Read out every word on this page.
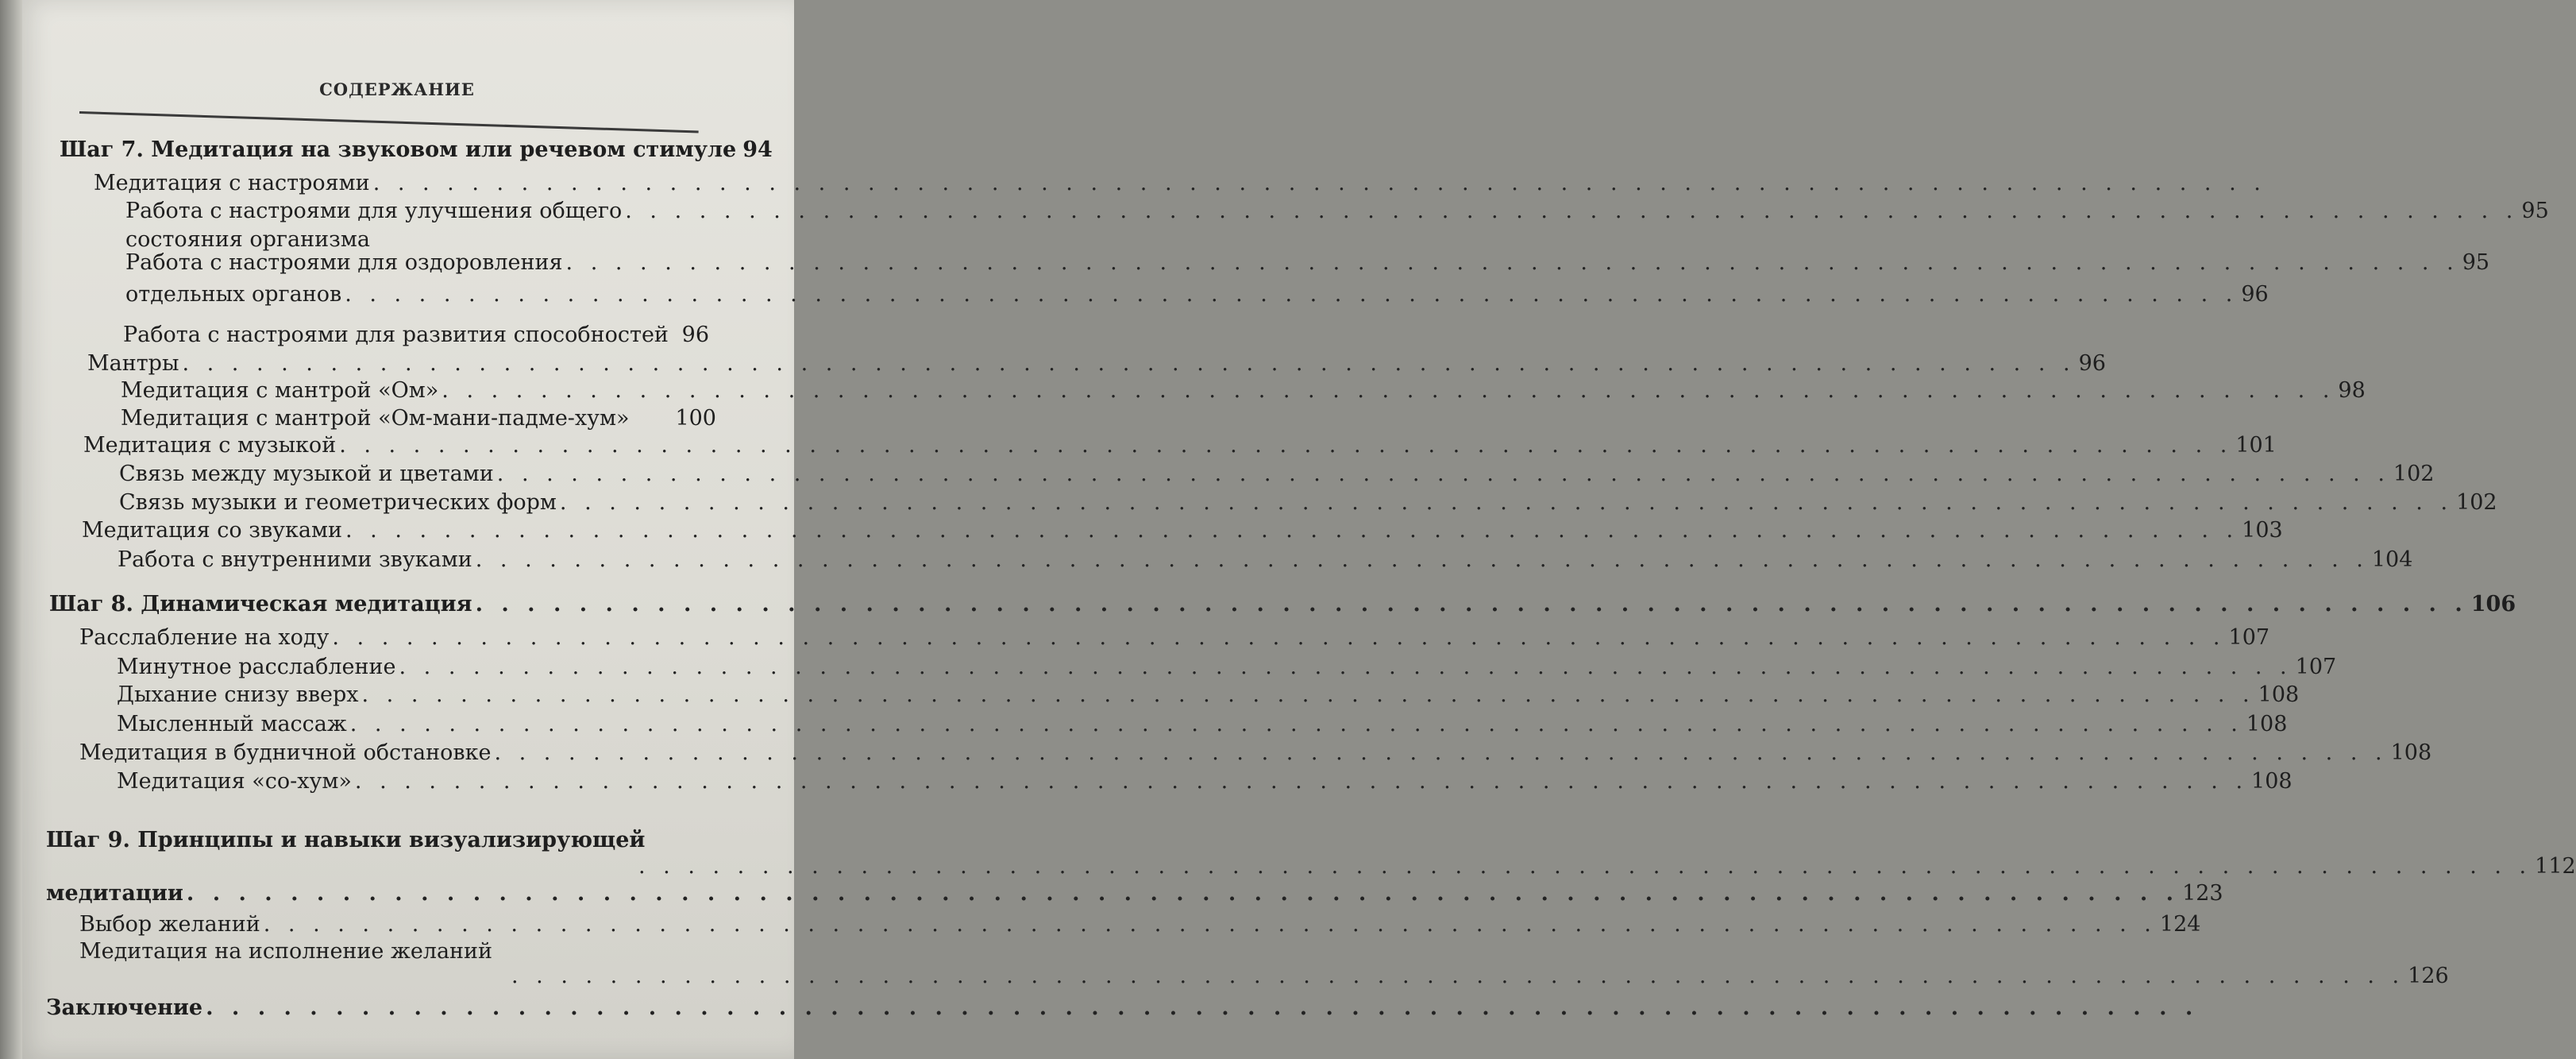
СОДЕРЖАНИЕ
Шаг 7. Медитация на звуковом или речевом стимуле 94
Медитация с настроями . . . . . . . . . . . . . . . . . . . . . . . . . . . . . . . . . . . . . . . . . . . . . . . . . . . . . . . . . . . . . . . . . . . . . . . . . . . . .
Работа с настроями для улучшения общего . . . . . . . . . . . . . . . . . . . . . . . . . . . . . . . . . . . . . . . . . . . . . . . . . . . . . . . . . . . . . . . . . . . . . . . . . . . . . 95
состояния организма
Работа с настроями для оздоровления . . . . . . . . . . . . . . . . . . . . . . . . . . . . . . . . . . . . . . . . . . . . . . . . . . . . . . . . . . . . . . . . . . . . . . . . . . . . . 95
отдельных органов . . . . . . . . . . . . . . . . . . . . . . . . . . . . . . . . . . . . . . . . . . . . . . . . . . . . . . . . . . . . . . . . . . . . . . . . . . . . . 96
Работа с настроями для развития способностей 96
Мантры . . . . . . . . . . . . . . . . . . . . . . . . . . . . . . . . . . . . . . . . . . . . . . . . . . . . . . . . . . . . . . . . . . . . . . . . . . . . . 96
Медитация с мантрой «Ом» . . . . . . . . . . . . . . . . . . . . . . . . . . . . . . . . . . . . . . . . . . . . . . . . . . . . . . . . . . . . . . . . . . . . . . . . . . . . . 98
Медитация с мантрой «Ом-мани-падме-хум» 100
Медитация с музыкой . . . . . . . . . . . . . . . . . . . . . . . . . . . . . . . . . . . . . . . . . . . . . . . . . . . . . . . . . . . . . . . . . . . . . . . . . . . . . 101
Связь между музыкой и цветами . . . . . . . . . . . . . . . . . . . . . . . . . . . . . . . . . . . . . . . . . . . . . . . . . . . . . . . . . . . . . . . . . . . . . . . . . . . . . 102
Связь музыки и геометрических форм . . . . . . . . . . . . . . . . . . . . . . . . . . . . . . . . . . . . . . . . . . . . . . . . . . . . . . . . . . . . . . . . . . . . . . . . . . . . . 102
Медитация со звуками . . . . . . . . . . . . . . . . . . . . . . . . . . . . . . . . . . . . . . . . . . . . . . . . . . . . . . . . . . . . . . . . . . . . . . . . . . . . . 103
Работа с внутренними звуками . . . . . . . . . . . . . . . . . . . . . . . . . . . . . . . . . . . . . . . . . . . . . . . . . . . . . . . . . . . . . . . . . . . . . . . . . . . . . 104
Шаг 8. Динамическая медитация . . . . . . . . . . . . . . . . . . . . . . . . . . . . . . . . . . . . . . . . . . . . . . . . . . . . . . . . . . . . . . . . . . . . . . . . . . . . . 106
Расслабление на ходу . . . . . . . . . . . . . . . . . . . . . . . . . . . . . . . . . . . . . . . . . . . . . . . . . . . . . . . . . . . . . . . . . . . . . . . . . . . . . 107
Минутное расслабление . . . . . . . . . . . . . . . . . . . . . . . . . . . . . . . . . . . . . . . . . . . . . . . . . . . . . . . . . . . . . . . . . . . . . . . . . . . . . 107
Дыхание снизу вверх . . . . . . . . . . . . . . . . . . . . . . . . . . . . . . . . . . . . . . . . . . . . . . . . . . . . . . . . . . . . . . . . . . . . . . . . . . . . . 108
Мысленный массаж . . . . . . . . . . . . . . . . . . . . . . . . . . . . . . . . . . . . . . . . . . . . . . . . . . . . . . . . . . . . . . . . . . . . . . . . . . . . . 108
Медитация в будничной обстановке . . . . . . . . . . . . . . . . . . . . . . . . . . . . . . . . . . . . . . . . . . . . . . . . . . . . . . . . . . . . . . . . . . . . . . . . . . . . . 108
Медитация «со-хум» . . . . . . . . . . . . . . . . . . . . . . . . . . . . . . . . . . . . . . . . . . . . . . . . . . . . . . . . . . . . . . . . . . . . . . . . . . . . . 108
Шаг 9. Принципы и навыки визуализирующей
. . . . . . . . . . . . . . . . . . . . . . . . . . . . . . . . . . . . . . . . . . . . . . . . . . . . . . . . . . . . . . . . . . . . . . . . . . . . . 112
медитации . . . . . . . . . . . . . . . . . . . . . . . . . . . . . . . . . . . . . . . . . . . . . . . . . . . . . . . . . . . . . . . . . . . . . . . . . . . . . 123
Выбор желаний . . . . . . . . . . . . . . . . . . . . . . . . . . . . . . . . . . . . . . . . . . . . . . . . . . . . . . . . . . . . . . . . . . . . . . . . . . . . . 124
Медитация на исполнение желаний
. . . . . . . . . . . . . . . . . . . . . . . . . . . . . . . . . . . . . . . . . . . . . . . . . . . . . . . . . . . . . . . . . . . . . . . . . . . . . 126
Заключение . . . . . . . . . . . . . . . . . . . . . . . . . . . . . . . . . . . . . . . . . . . . . . . . . . . . . . . . . . . . . . . . . . . . . . . . . . . . .
